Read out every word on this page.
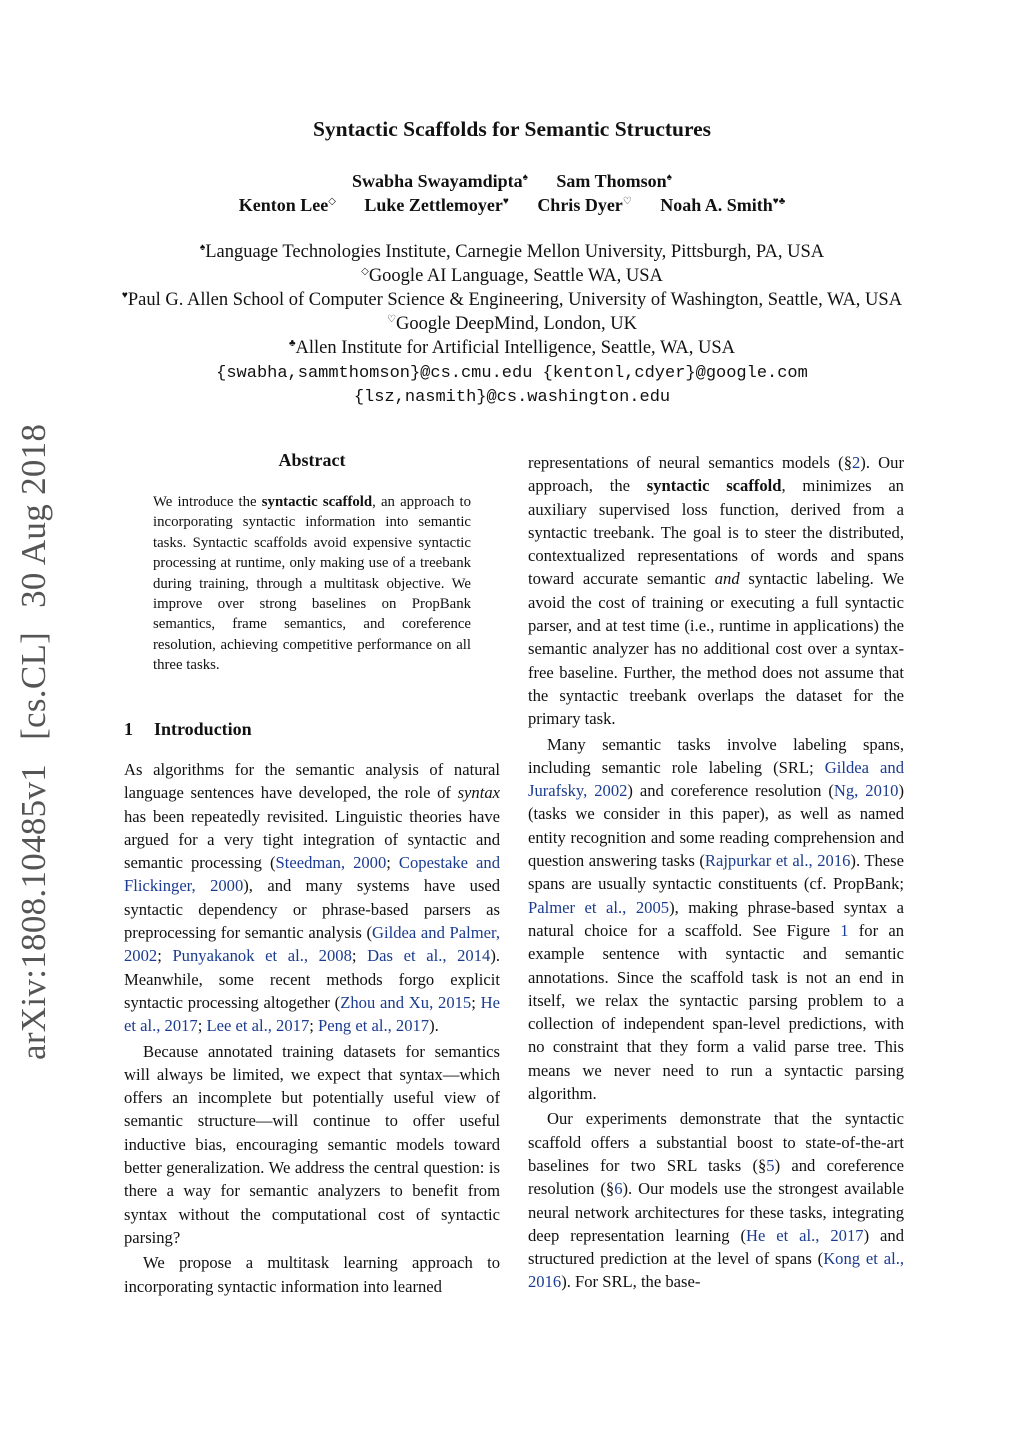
Syntactic Scaffolds for Semantic Structures
Swabha Swayamdipta♠ Sam Thomson♠
Kenton Lee◇ Luke Zettlemoyer♥ Chris Dyer♡ Noah A. Smith♥♣
♠Language Technologies Institute, Carnegie Mellon University, Pittsburgh, PA, USA
◇Google AI Language, Seattle WA, USA
♥Paul G. Allen School of Computer Science & Engineering, University of Washington, Seattle, WA, USA
♡Google DeepMind, London, UK
♣Allen Institute for Artificial Intelligence, Seattle, WA, USA
{swabha,sammthomson}@cs.cmu.edu {kentonl,cdyer}@google.com
{lsz,nasmith}@cs.washington.edu
arXiv:1808.10485v1[cs.CL]30 Aug 2018	Abstract
We introduce the syntactic scaffold, an approach to incorporating syntactic information into semantic tasks. Syntactic scaffolds avoid expensive syntactic processing at runtime, only making use of a treebank during training, through a multitask objective. We improve over strong baselines on PropBank semantics, frame semantics, and coreference resolution, achieving competitive performance on all three tasks.
1 Introduction

As algorithms for the semantic analysis of natural language sentences have developed, the role of syntax has been repeatedly revisited. Linguistic theories have argued for a very tight integration of syntactic and semantic processing (Steedman, 2000; Copestake and Flickinger, 2000), and many systems have used syntactic dependency or phrase-based parsers as preprocessing for semantic analysis (Gildea and Palmer, 2002; Punyakanok et al., 2008; Das et al., 2014). Meanwhile, some recent methods forgo explicit syntactic processing altogether (Zhou and Xu, 2015; He et al., 2017; Lee et al., 2017; Peng et al., 2017).

Because annotated training datasets for semantics will always be limited, we expect that syntax—which offers an incomplete but potentially useful view of semantic structure—will continue to offer useful inductive bias, encouraging semantic models toward better generalization. We address the central question: is there a way for semantic analyzers to benefit from syntax without the computational cost of syntactic parsing?

We propose a multitask learning approach to incorporating syntactic information into learned

representations of neural semantics models (§2). Our approach, the syntactic scaffold, minimizes an auxiliary supervised loss function, derived from a syntactic treebank. The goal is to steer the distributed, contextualized representations of words and spans toward accurate semantic and syntactic labeling. We avoid the cost of training or executing a full syntactic parser, and at test time (i.e., runtime in applications) the semantic analyzer has no additional cost over a syntax-free baseline. Further, the method does not assume that the syntactic treebank overlaps the dataset for the primary task.

Many semantic tasks involve labeling spans, including semantic role labeling (SRL; Gildea and Jurafsky, 2002) and coreference resolution (Ng, 2010) (tasks we consider in this paper), as well as named entity recognition and some reading comprehension and question answering tasks (Rajpurkar et al., 2016). These spans are usually syntactic constituents (cf. PropBank; Palmer et al., 2005), making phrase-based syntax a natural choice for a scaffold. See Figure 1 for an example sentence with syntactic and semantic annotations. Since the scaffold task is not an end in itself, we relax the syntactic parsing problem to a collection of independent span-level predictions, with no constraint that they form a valid parse tree. This means we never need to run a syntactic parsing algorithm.

Our experiments demonstrate that the syntactic scaffold offers a substantial boost to state-of-the-art baselines for two SRL tasks (§5) and coreference resolution (§6). Our models use the strongest available neural network architectures for these tasks, integrating deep representation learning (He et al., 2017) and structured prediction at the level of spans (Kong et al., 2016). For SRL, the base-
